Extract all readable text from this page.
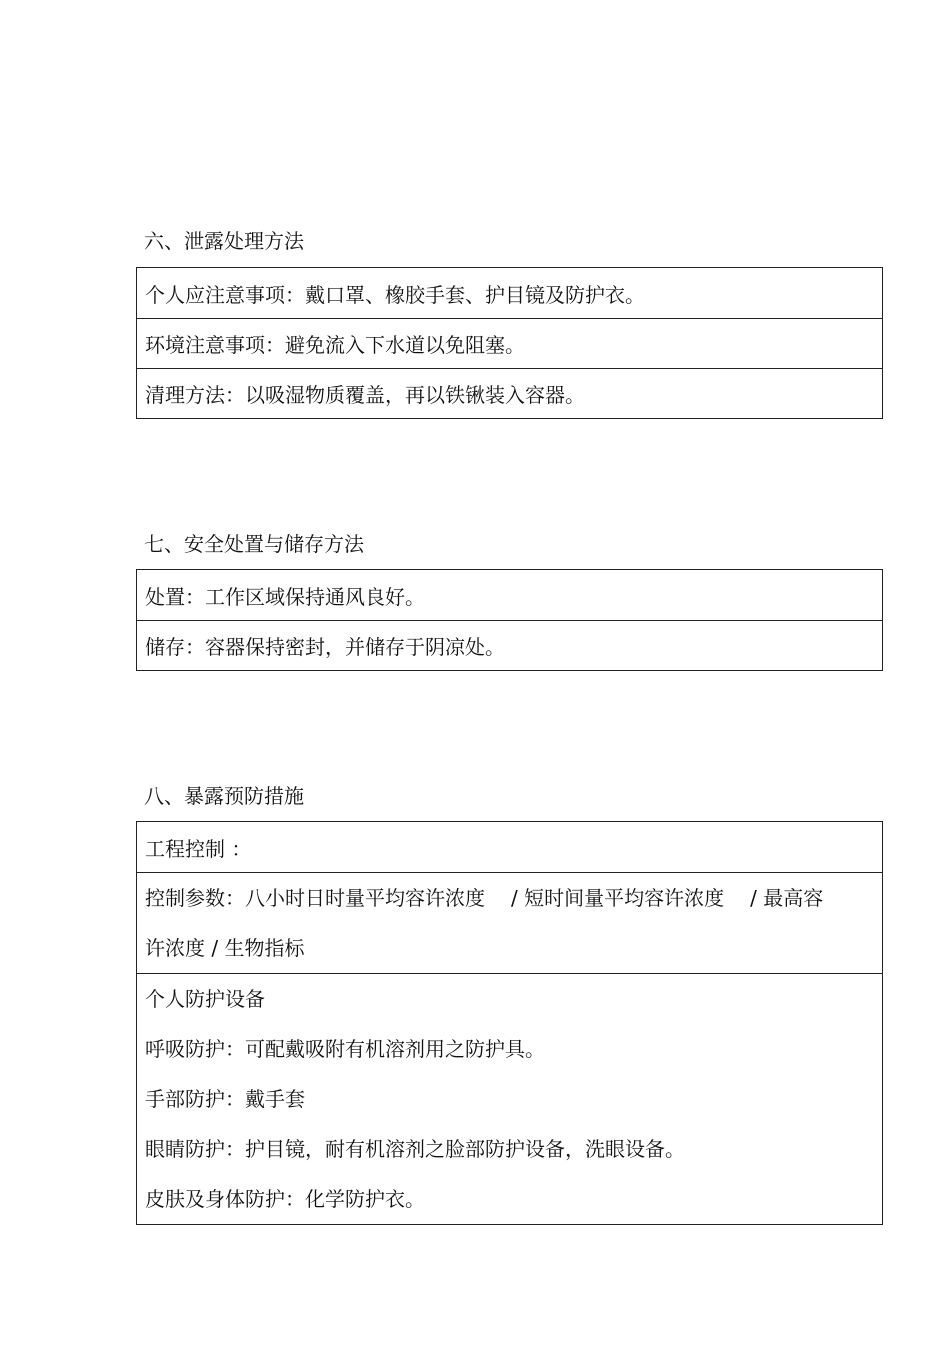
六、泄露处理方法
个人应注意事项：戴口罩、橡胶手套、护目镜及防护衣。
环境注意事项：避免流入下水道以免阻塞。
清理方法：以吸湿物质覆盖，再以铁锹装入容器。
七、安全处置与储存方法
处置：工作区域保持通风良好。
储存：容器保持密封，并储存于阴凉处。
八、暴露预防措施
工程控制 ：
控制参数：八小时日时量平均容许浓度 / 短时间量平均容许浓度 / 最高容
许浓度 / 生物指标
个人防护设备
呼吸防护：可配戴吸附有机溶剂用之防护具。
手部防护：戴手套
眼睛防护：护目镜，耐有机溶剂之脸部防护设备，洗眼设备。
皮肤及身体防护：化学防护衣。
